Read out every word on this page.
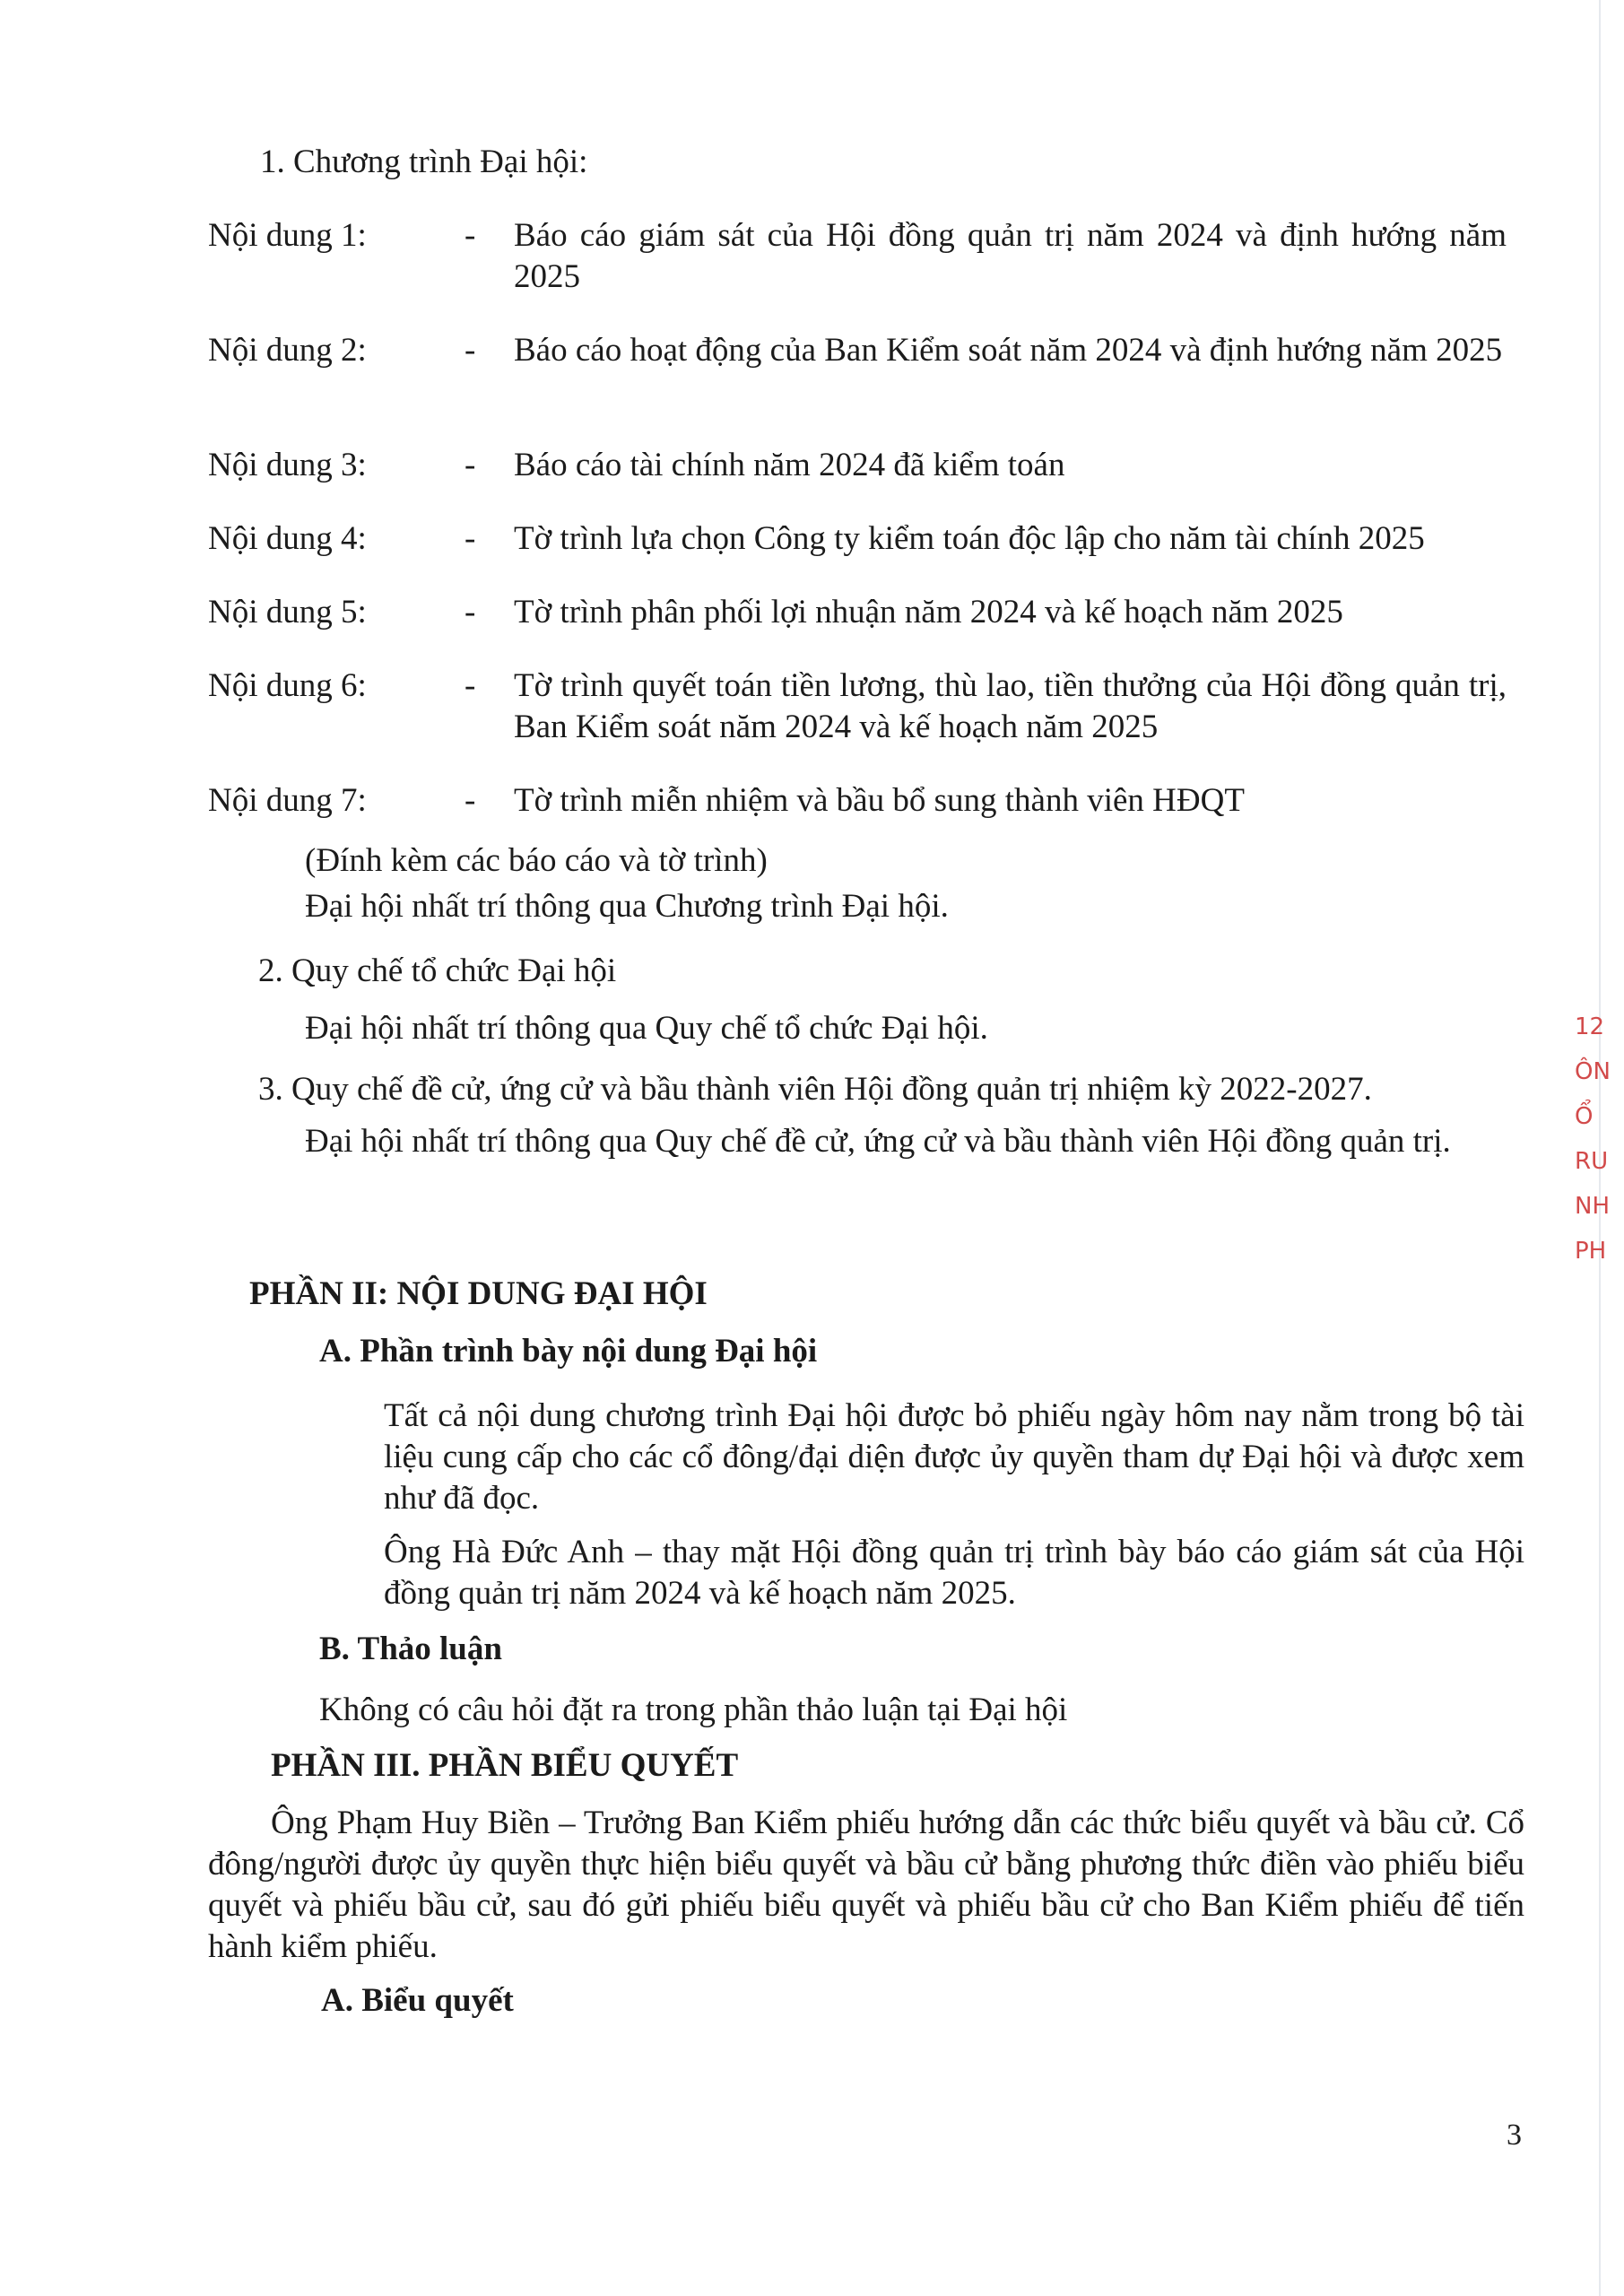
1. Chương trình Đại hội:
Nội dung 1:	- Báo cáo giám sát của Hội đồng quản trị năm 2024 và định hướng năm 2025
Nội dung 2:	- Báo cáo hoạt động của Ban Kiểm soát năm 2024 và định hướng năm 2025
Nội dung 3:	- Báo cáo tài chính năm 2024 đã kiểm toán
Nội dung 4:	- Tờ trình lựa chọn Công ty kiểm toán độc lập cho năm tài chính 2025
Nội dung 5:	- Tờ trình phân phối lợi nhuận năm 2024 và kế hoạch năm 2025
Nội dung 6:	- Tờ trình quyết toán tiền lương, thù lao, tiền thưởng của Hội đồng quản trị, Ban Kiểm soát năm 2024 và kế hoạch năm 2025
Nội dung 7:	- Tờ trình miễn nhiệm và bầu bổ sung thành viên HĐQT
(Đính kèm các báo cáo và tờ trình)
Đại hội nhất trí thông qua Chương trình Đại hội.
2. Quy chế tổ chức Đại hội
Đại hội nhất trí thông qua Quy chế tổ chức Đại hội.
3. Quy chế đề cử, ứng cử và bầu thành viên Hội đồng quản trị nhiệm kỳ 2022-2027.
Đại hội nhất trí thông qua Quy chế đề cử, ứng cử và bầu thành viên Hội đồng quản trị.
PHẦN II: NỘI DUNG ĐẠI HỘI
A. Phần trình bày nội dung Đại hội
Tất cả nội dung chương trình Đại hội được bỏ phiếu ngày hôm nay nằm trong bộ tài liệu cung cấp cho các cổ đông/đại diện được ủy quyền tham dự Đại hội và được xem như đã đọc.
Ông Hà Đức Anh – thay mặt Hội đồng quản trị trình bày báo cáo giám sát của Hội đồng quản trị năm 2024 và kế hoạch năm 2025.
B. Thảo luận
Không có câu hỏi đặt ra trong phần thảo luận tại Đại hội
PHẦN III. PHẦN BIỂU QUYẾT
Ông Phạm Huy Biền – Trưởng Ban Kiểm phiếu hướng dẫn các thức biểu quyết và bầu cử. Cổ đông/người được ủy quyền thực hiện biểu quyết và bầu cử bằng phương thức điền vào phiếu biểu quyết và phiếu bầu cử, sau đó gửi phiếu biểu quyết và phiếu bầu cử cho Ban Kiểm phiếu để tiến hành kiểm phiếu.
A. Biểu quyết
3
12
ÔN
Ổ
RU
NH
PH
